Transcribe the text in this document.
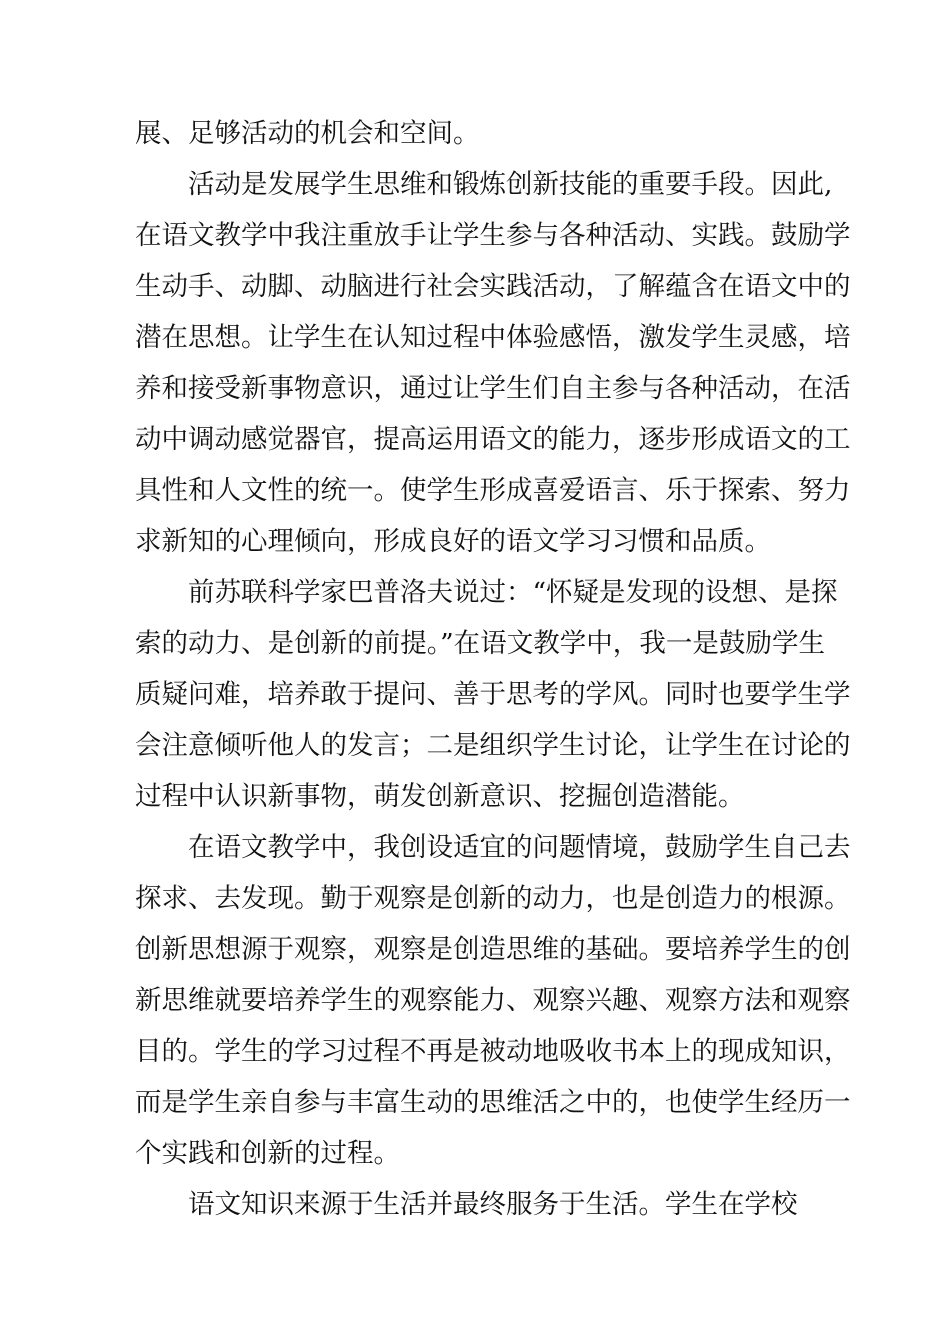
展、足够活动的机会和空间。
活动是发展学生思维和锻炼创新技能的重要手段。因此,
在语文教学中我注重放手让学生参与各种活动、实践。鼓励学
生动手、动脚、动脑进行社会实践活动，了解蕴含在语文中的
潜在思想。让学生在认知过程中体验感悟，激发学生灵感，培
养和接受新事物意识，通过让学生们自主参与各种活动，在活
动中调动感觉器官，提高运用语文的能力，逐步形成语文的工
具性和人文性的统一。使学生形成喜爱语言、乐于探索、努力
求新知的心理倾向，形成良好的语文学习习惯和品质。
前苏联科学家巴普洛夫说过：“怀疑是发现的设想、是探
索的动力、是创新的前提。”在语文教学中，我一是鼓励学生
质疑问难，培养敢于提问、善于思考的学风。同时也要学生学
会注意倾听他人的发言；二是组织学生讨论，让学生在讨论的
过程中认识新事物，萌发创新意识、挖掘创造潜能。
在语文教学中，我创设适宜的问题情境，鼓励学生自己去
探求、去发现。勤于观察是创新的动力，也是创造力的根源。
创新思想源于观察，观察是创造思维的基础。要培养学生的创
新思维就要培养学生的观察能力、观察兴趣、观察方法和观察
目的。学生的学习过程不再是被动地吸收书本上的现成知识，
而是学生亲自参与丰富生动的思维活之中的，也使学生经历一
个实践和创新的过程。
语文知识来源于生活并最终服务于生活。学生在学校
